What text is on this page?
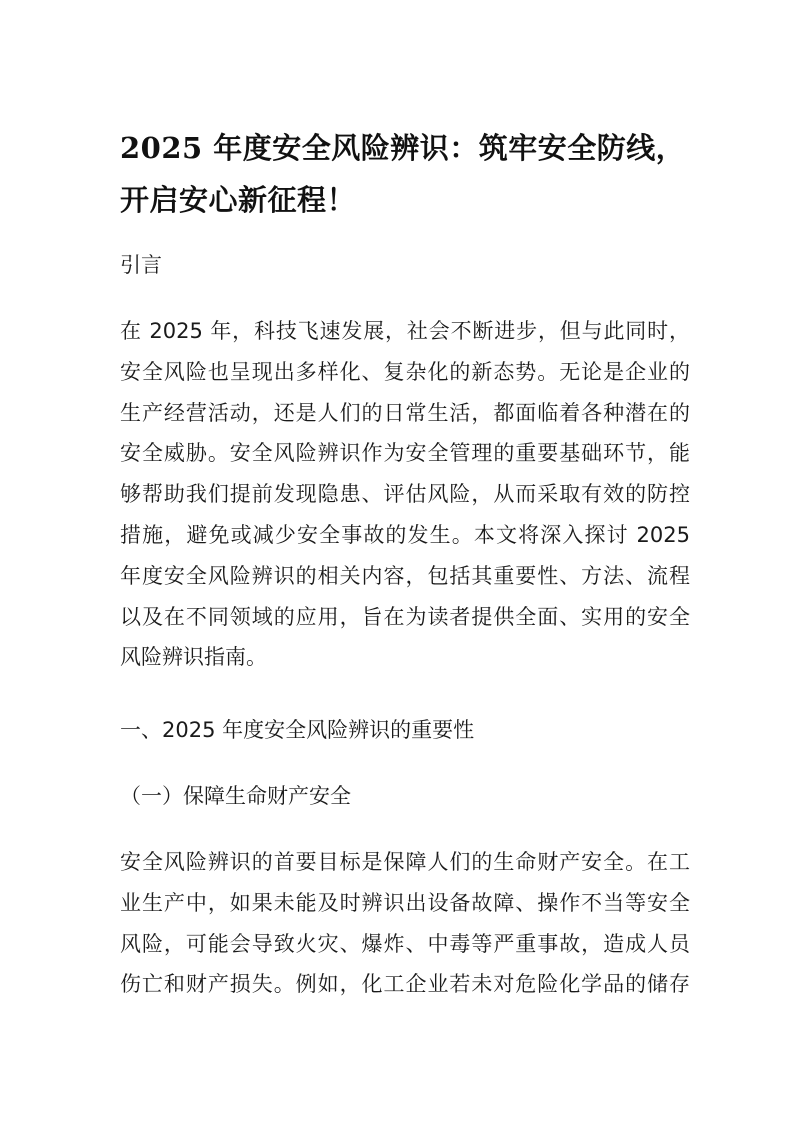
2025 年度安全风险辨识：筑牢安全防线，
开启安心新征程！
引言
在 2025 年，科技飞速发展，社会不断进步，但与此同时，
安全风险也呈现出多样化、复杂化的新态势。无论是企业的
生产经营活动，还是人们的日常生活，都面临着各种潜在的
安全威胁。安全风险辨识作为安全管理的重要基础环节，能
够帮助我们提前发现隐患、评估风险，从而采取有效的防控
措施，避免或减少安全事故的发生。本文将深入探讨 2025
年度安全风险辨识的相关内容，包括其重要性、方法、流程
以及在不同领域的应用，旨在为读者提供全面、实用的安全
风险辨识指南。
一、2025 年度安全风险辨识的重要性
（一）保障生命财产安全
安全风险辨识的首要目标是保障人们的生命财产安全。在工
业生产中，如果未能及时辨识出设备故障、操作不当等安全
风险，可能会导致火灾、爆炸、中毒等严重事故，造成人员
伤亡和财产损失。例如，化工企业若未对危险化学品的储存
